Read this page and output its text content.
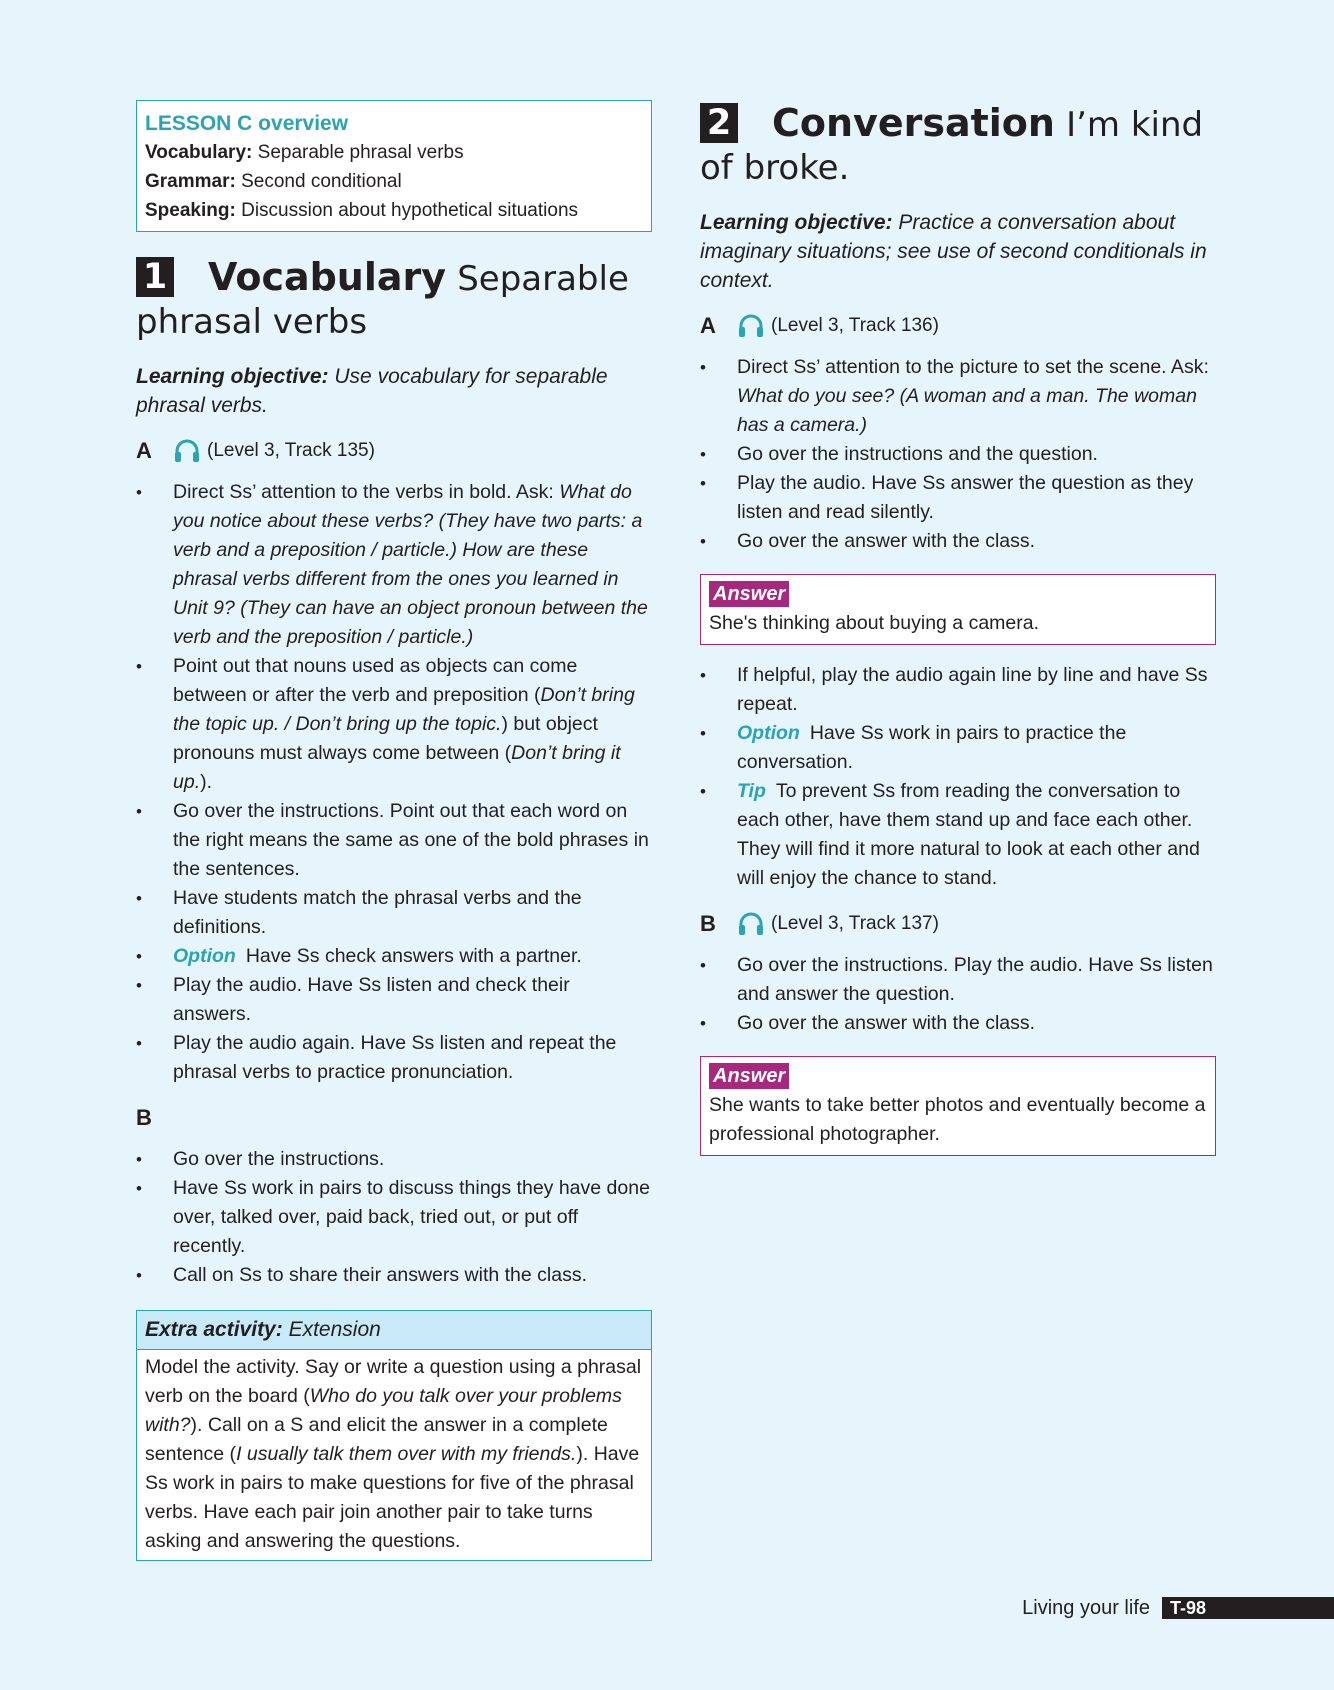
LESSON C overview
Vocabulary: Separable phrasal verbs
Grammar: Second conditional
Speaking: Discussion about hypothetical situations
1 Vocabulary Separable phrasal verbs

Learning objective: Use vocabulary for separable phrasal verbs.

A	(Level 3, Track 135)
• Direct Ss’ attention to the verbs in bold. Ask: What do you notice about these verbs? (They have two parts: a verb and a preposition / particle.) How are these phrasal verbs different from the ones you learned in Unit 9? (They can have an object pronoun between the verb and the preposition / particle.)
• Point out that nouns used as objects can come between or after the verb and preposition (Don’t bring the topic up. / Don’t bring up the topic.) but object pronouns must always come between (Don’t bring it up.).
• Go over the instructions. Point out that each word on the right means the same as one of the bold phrases in the sentences.
• Have students match the phrasal verbs and the definitions.
• Option Have Ss check answers with a partner.
• Play the audio. Have Ss listen and check their answers.
• Play the audio again. Have Ss listen and repeat the phrasal verbs to practice pronunciation.
B
• Go over the instructions.
• Have Ss work in pairs to discuss things they have done over, talked over, paid back, tried out, or put off recently.
• Call on Ss to share their answers with the class.
Extra activity: Extension
Model the activity. Say or write a question using a phrasal verb on the board (Who do you talk over your problems with?). Call on a S and elicit the answer in a complete sentence (I usually talk them over with my friends.). Have Ss work in pairs to make questions for five of the phrasal verbs. Have each pair join another pair to take turns asking and answering the questions.
2 Conversation I’m kind of broke.

Learning objective: Practice a conversation about imaginary situations; see use of second conditionals in context.

A	(Level 3, Track 136)
• Direct Ss’ attention to the picture to set the scene. Ask: What do you see? (A woman and a man. The woman has a camera.)
• Go over the instructions and the question.
• Play the audio. Have Ss answer the question as they listen and read silently.
• Go over the answer with the class.
Answer
She's thinking about buying a camera.
• If helpful, play the audio again line by line and have Ss repeat.
• Option Have Ss work in pairs to practice the conversation.
• Tip To prevent Ss from reading the conversation to each other, have them stand up and face each other. They will find it more natural to look at each other and will enjoy the chance to stand.
B	(Level 3, Track 137)
• Go over the instructions. Play the audio. Have Ss listen and answer the question.
• Go over the answer with the class.
Answer
She wants to take better photos and eventually become a professional photographer.
Living your life	T-98
